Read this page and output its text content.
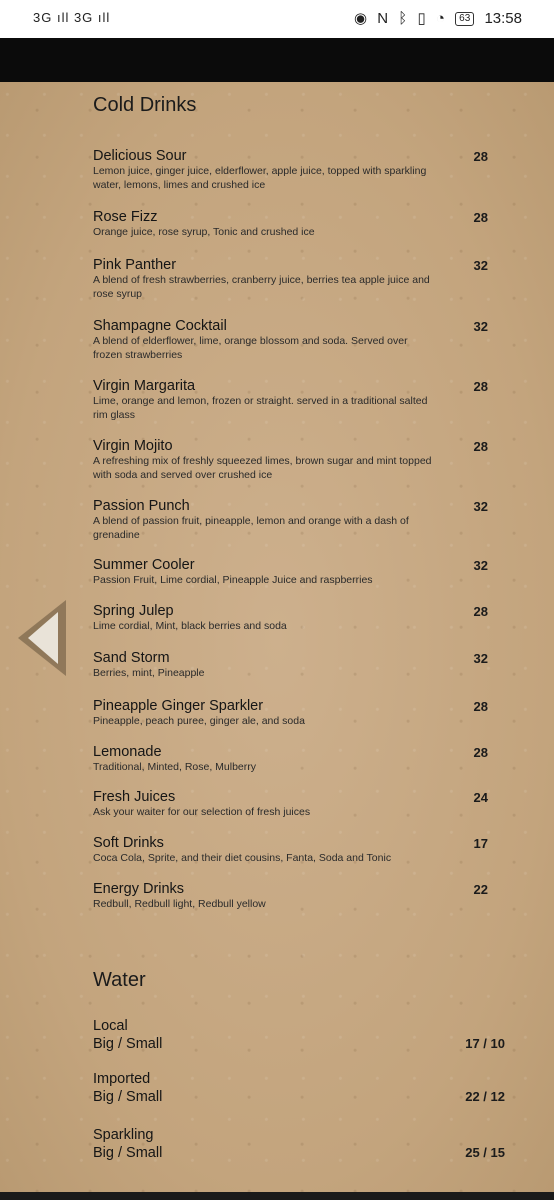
3G ıll 3G ıll	◉ N ᛒ ▯ ◔ 63 13:58
Cold Drinks
Delicious Sour
Lemon juice, ginger juice, elderflower, apple juice, topped with sparkling water, lemons, limes and crushed ice
28
Rose Fizz
Orange juice, rose syrup, Tonic and crushed ice
28
Pink Panther
A blend of fresh strawberries, cranberry juice, berries tea apple juice and rose syrup
32
Shampagne Cocktail
A blend of elderflower, lime, orange blossom and soda. Served over frozen strawberries
32
Virgin Margarita
Lime, orange and lemon, frozen or straight. served in a traditional salted rim glass
28
Virgin Mojito
A refreshing mix of freshly squeezed limes, brown sugar and mint topped with soda and served over crushed ice
28
Passion Punch
A blend of passion fruit, pineapple, lemon and orange with a dash of grenadine
32
Summer Cooler
Passion Fruit, Lime cordial, Pineapple Juice and raspberries
32
Spring Julep
Lime cordial, Mint, black berries and soda
28
Sand Storm
Berries, mint, Pineapple
32
Pineapple Ginger Sparkler
Pineapple, peach puree, ginger ale, and soda
28
Lemonade
Traditional, Minted, Rose, Mulberry
28
Fresh Juices
Ask your waiter for our selection of fresh juices
24
Soft Drinks
Coca Cola, Sprite, and their diet cousins, Fanta, Soda and Tonic
17
Energy Drinks
Redbull, Redbull light, Redbull yellow
22
Water
Local
Big / Small	17 / 10
Imported
Big / Small	22 / 12
Sparkling
Big / Small	25 / 15
